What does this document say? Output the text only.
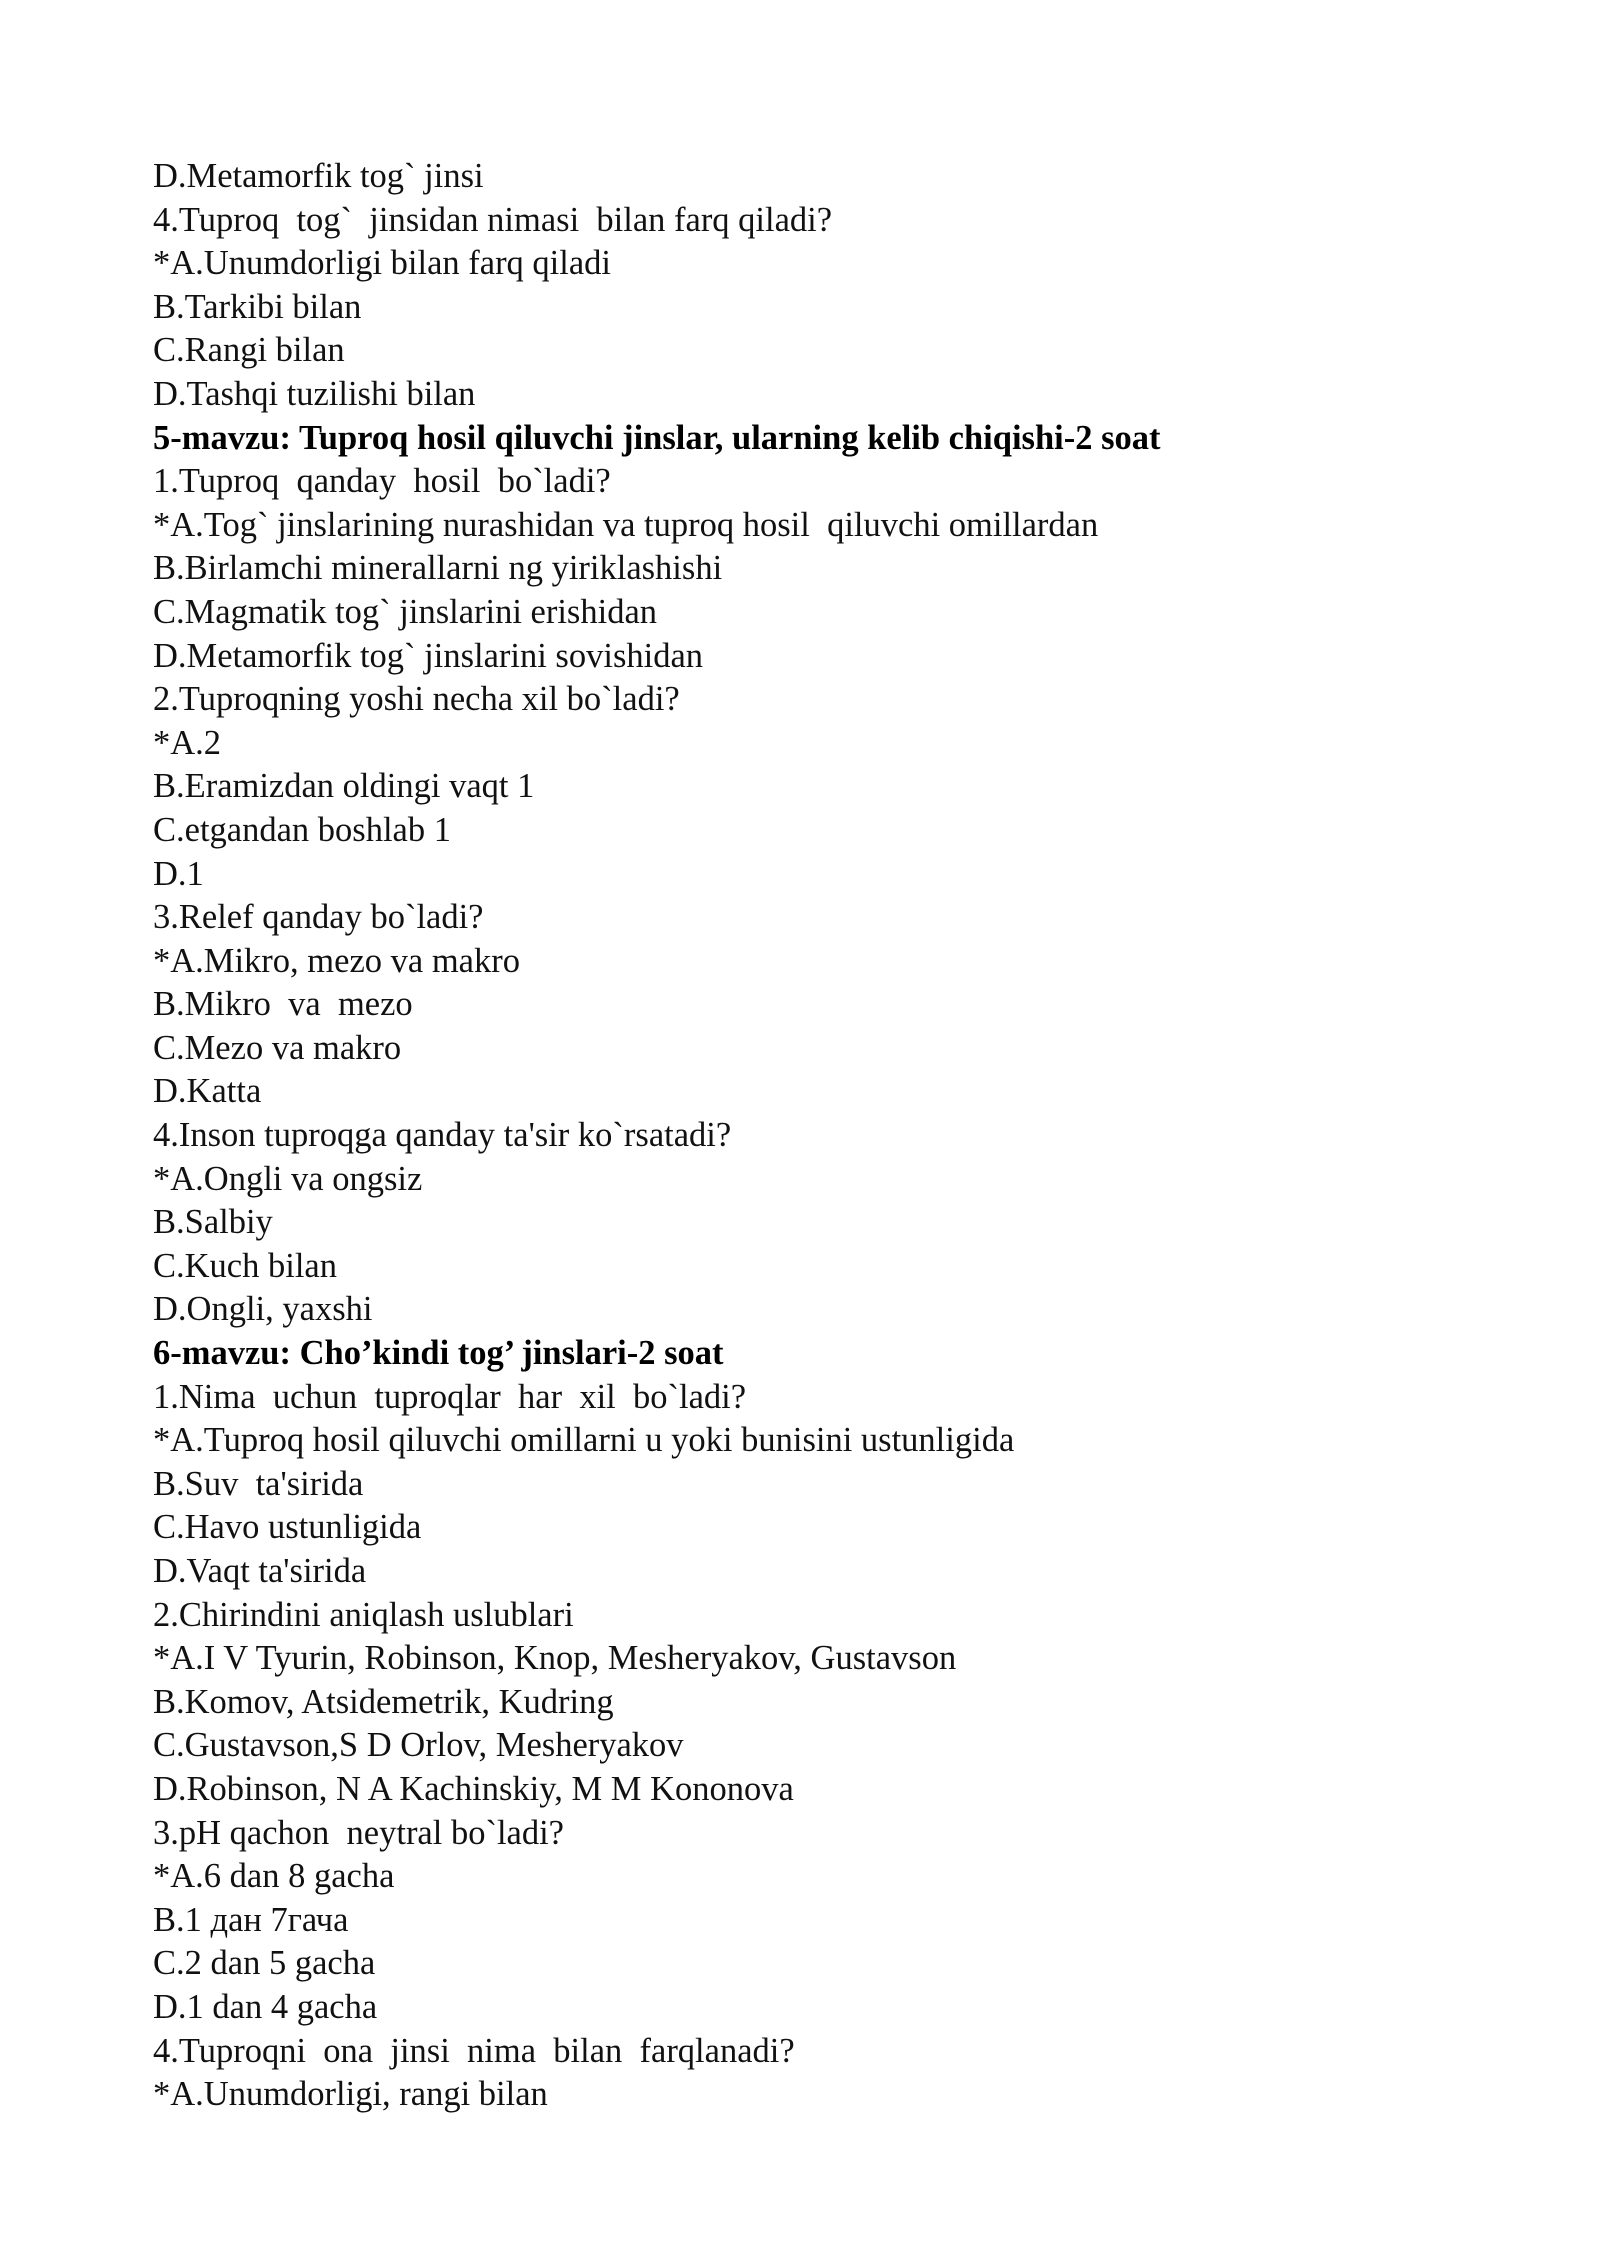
D.Metamorfik tog` jinsi
4.Tuproq  tog`  jinsidan nimasi  bilan farq qiladi?
*A.Unumdorligi bilan farq qiladi
B.Tarkibi bilan
C.Rangi bilan
D.Tashqi tuzilishi bilan
5-mavzu: Tuproq hosil qiluvchi jinslar, ularning kelib chiqishi-2 soat
1.Tuproq  qanday  hosil  bo`ladi?
*A.Tog` jinslarining nurashidan va tuproq hosil  qiluvchi omillardan
B.Birlamchi minerallarni ng yiriklashishi
C.Magmatik tog` jinslarini erishidan
D.Metamorfik tog` jinslarini sovishidan
2.Tuproqning yoshi necha xil bo`ladi?
*A.2
B.Eramizdan oldingi vaqt 1
C.etgandan boshlab 1
D.1
3.Relef qanday bo`ladi?
*A.Mikro, mezo va makro
B.Mikro  va  mezo
C.Mezo va makro
D.Katta
4.Inson tuproqga qanday ta'sir ko`rsatadi?
*A.Ongli va ongsiz
B.Salbiy
C.Kuch bilan
D.Ongli, yaxshi
6-mavzu: Cho’kindi tog’ jinslari-2 soat
1.Nima  uchun  tuproqlar  har  xil  bo`ladi?
*A.Tuproq hosil qiluvchi omillarni u yoki bunisini ustunligida
B.Suv  ta'sirida
C.Havo ustunligida
D.Vaqt ta'sirida
2.Chirindini aniqlash uslublari
*A.I V Tyurin, Robinson, Knop, Mesheryakov, Gustavson
B.Komov, Atsidemetrik, Kudring
C.Gustavson,S D Orlov, Mesheryakov
D.Robinson, N A Kachinskiy, M M Kononova
3.pH qachon  neytral bo`ladi?
*A.6 dan 8 gacha
B.1 дан 7гача
C.2 dan 5 gacha
D.1 dan 4 gacha
4.Tuproqni  ona  jinsi  nima  bilan  farqlanadi?
*A.Unumdorligi, rangi bilan
